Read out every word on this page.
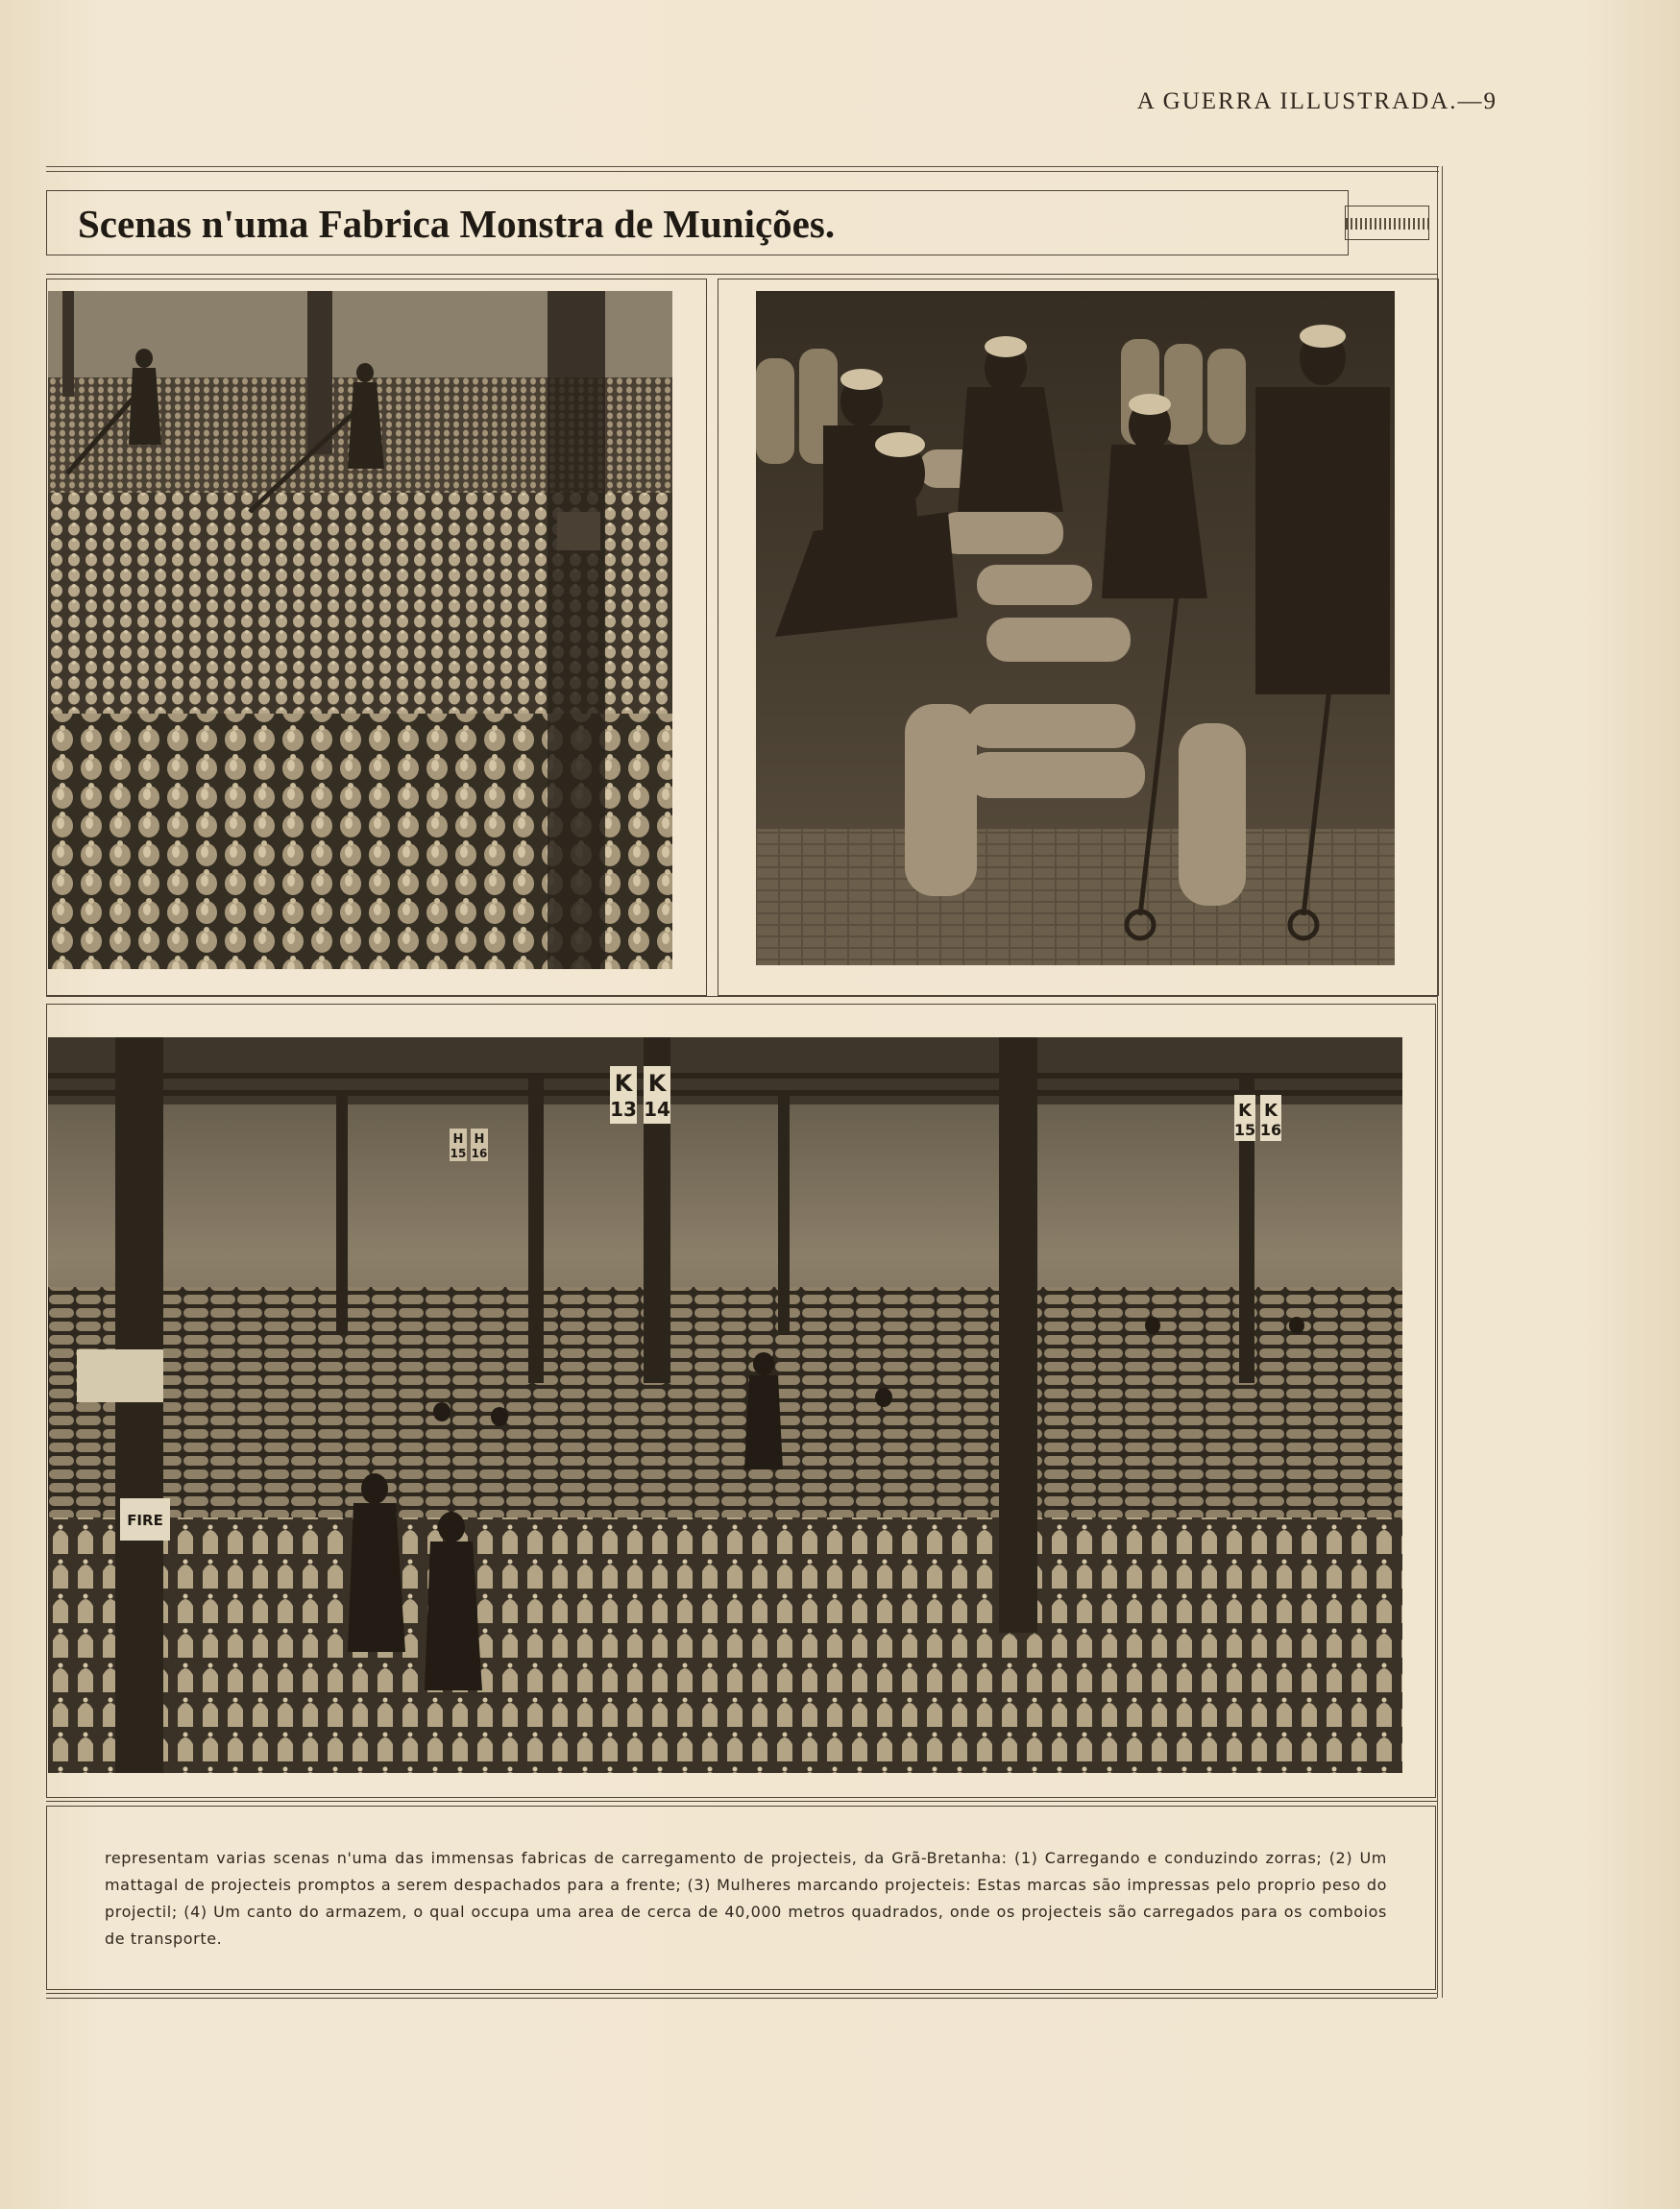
A GUERRA ILLUSTRADA.—9
Scenas n'uma Fabrica Monstra de Munições.
K
13
K
14	K
15
K
16
H
15
H
16
FIRE
representam varias scenas n'uma das immensas fabricas de carregamento de projecteis, da Grã-Bretanha: (1) Carregando e conduzindo zorras; (2) Um mattagal de projecteis promptos a serem despachados para a frente; (3) Mulheres marcando projecteis: Estas marcas são impressas pelo proprio peso do projectil; (4) Um canto do armazem, o qual occupa uma area de cerca de 40,000 metros quadrados, onde os projecteis são carregados para os comboios de transporte.
